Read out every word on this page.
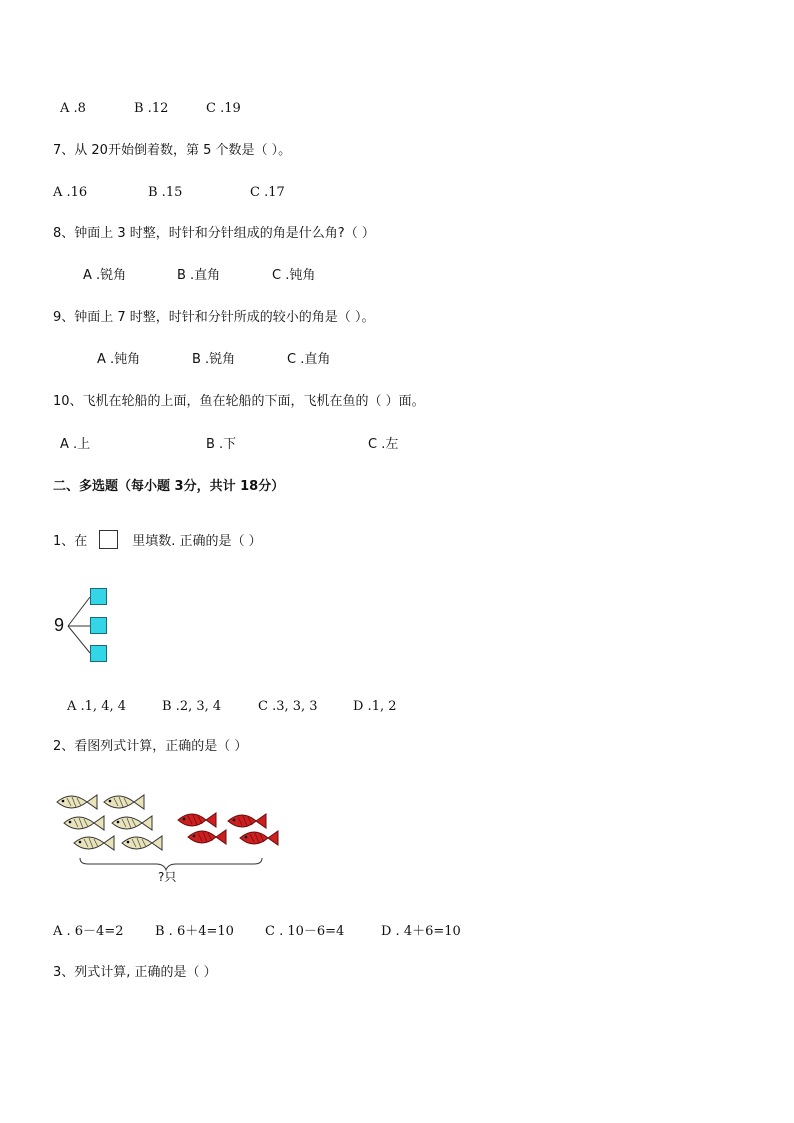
A .8	B .12	C .19
7、从 20开始倒着数，第 5 个数是（ ）。
A .16	B .15	C .17
8、钟面上 3 时整，时针和分针组成的角是什么角?（ ）
A .锐角	B .直角	C .钝角
9、钟面上 7 时整，时针和分针所成的较小的角是（ ）。
A .钝角	B .锐角	C .直角
10、飞机在轮船的上面，鱼在轮船的下面，飞机在鱼的（ ）面。
A .上	B .下	C .左
二、多选题（每小题 3分，共计 18分）
1、在	里填数. 正确的是（ ）
9
A .1, 4, 4	B .2, 3, 4	C .3, 3, 3	D .1, 2
2、看图列式计算，正确的是（ ）
?只
A . 6－4=2 B . 6＋4=10 C . 10－6=4	D . 4＋6=10
3、列式计算, 正确的是（ ）
